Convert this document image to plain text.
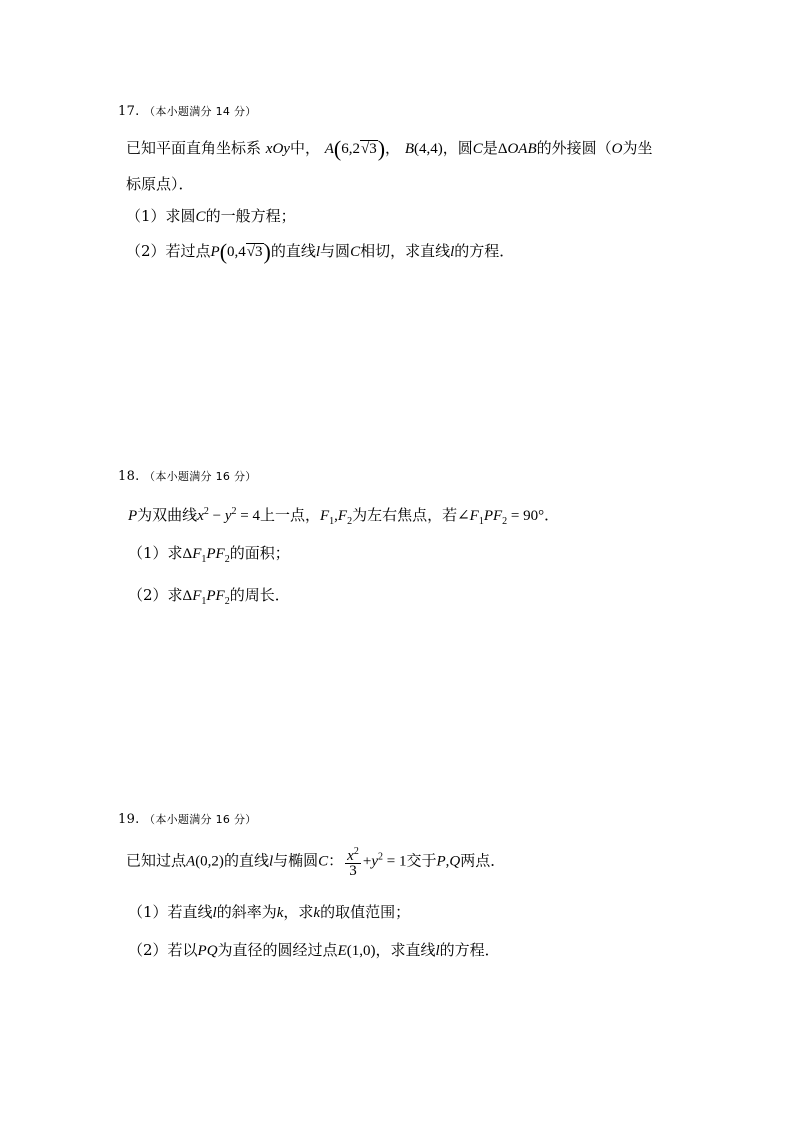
17. （本小题满分 14 分）
已知平面直角坐标系 xOy中， A(6,2√3)， B(4,4)，圆C是ΔOAB的外接圆（O为坐
标原点）．
（1）求圆C的一般方程；
（2）若过点P(0,4√3)的直线l与圆C相切，求直线l的方程．
18. （本小题满分 16 分）
P为双曲线$x^2 - y^2 = 4$上一点，$F_1,F_2$为左右焦点，若$\angle F_1PF_2 = 90^\circ$．
（1）求$\Delta F_1PF_2$的面积；
（2）求$\Delta F_1PF_2$的周长．
19. （本小题满分 16 分）
已知过点A(0,2)的直线l与椭圆C： $\frac{x^2}{3} +y^2 = 1$交于P,Q两点．
（1）若直线l的斜率为k，求k的取值范围；
（2）若以PQ为直径的圆经过点E(1,0)，求直线l的方程．
